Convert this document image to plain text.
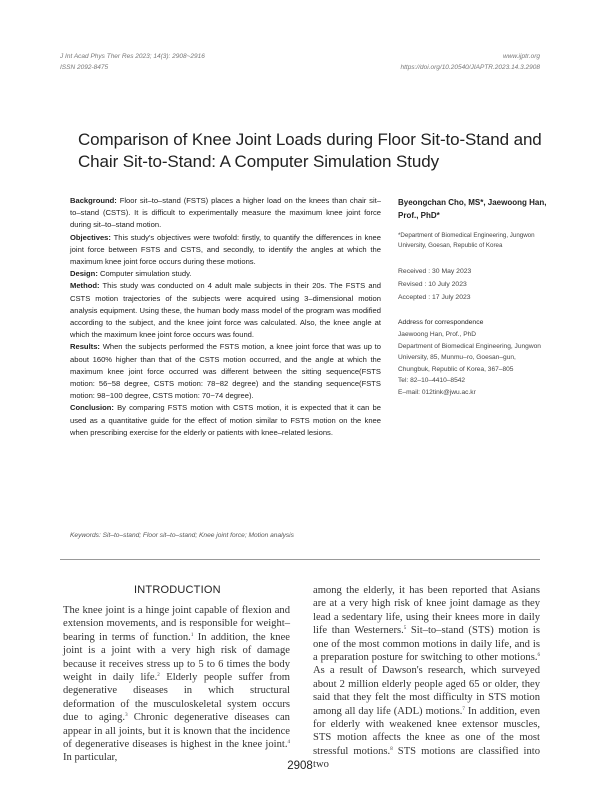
J Int Acad Phys Ther Res 2023; 14(3): 2908~2916
ISSN 2092-8475
www.ijptr.org
https://doi.org/10.20540/JIAPTR.2023.14.3.2908
Comparison of Knee Joint Loads during Floor Sit-to-Stand and Chair Sit-to-Stand: A Computer Simulation Study

Background: Floor sit–to–stand (FSTS) places a higher load on the knees than chair sit–to–stand (CSTS). It is difficult to experimentally measure the maximum knee joint force during sit–to–stand motion.

Objectives: This study's objectives were twofold: firstly, to quantify the differences in knee joint force between FSTS and CSTS, and secondly, to identify the angles at which the maximum knee joint force occurs during these motions.

Design: Computer simulation study.

Method: This study was conducted on 4 adult male subjects in their 20s. The FSTS and CSTS motion trajectories of the subjects were acquired using 3–dimensional motion analysis equipment. Using these, the human body mass model of the program was modified according to the subject, and the knee joint force was calculated. Also, the knee angle at which the maximum knee joint force occurs was found.

Results: When the subjects performed the FSTS motion, a knee joint force that was up to about 160% higher than that of the CSTS motion occurred, and the angle at which the maximum knee joint force occurred was different between the sitting sequence(FSTS motion: 56~58 degree, CSTS motion: 78~82 degree) and the standing sequence(FSTS motion: 98~100 degree, CSTS motion: 70~74 degree).

Conclusion: By comparing FSTS motion with CSTS motion, it is expected that it can be used as a quantitative guide for the effect of motion similar to FSTS motion on the knee when prescribing exercise for the elderly or patients with knee–related lesions.

Byeongchan Cho, MS*, Jaewoong Han, Prof., PhD*
*Department of Biomedical Engineering, Jungwon University, Goesan, Republic of Korea
Received : 30 May 2023
Revised : 10 July 2023
Accepted : 17 July 2023
Address for correspondence
Jaewoong Han, Prof., PhD
Department of Biomedical Engineering, Jungwon University, 85, Munmu–ro, Goesan–gun, Chungbuk, Republic of Korea, 367–805
Tel: 82–10–4410–8542
E–mail: 012tink@jwu.ac.kr
Keywords: Sit–to–stand; Floor sit–to–stand; Knee joint force; Motion analysis
INTRODUCTION

The knee joint is a hinge joint capable of flexion and extension movements, and is responsible for weight–bearing in terms of function.$^1$ In addition, the knee joint is a joint with a very high risk of damage because it receives stress up to 5 to 6 times the body weight in daily life.$^2$ Elderly people suffer from degenerative diseases in which structural deformation of the musculoskeletal system occurs due to aging.$^3$ Chronic degenerative diseases can appear in all joints, but it is known that the incidence of degenerative diseases is highest in the knee joint.$^4$ In particular,

among the elderly, it has been reported that Asians are at a very high risk of knee joint damage as they lead a sedentary life, using their knees more in daily life than Westerners.$^5$ Sit–to–stand (STS) motion is one of the most common motions in daily life, and is a preparation posture for switching to other motions.$^6$ As a result of Dawson's research, which surveyed about 2 million elderly people aged 65 or older, they said that they felt the most difficulty in STS motion among all day life (ADL) motions.$^7$ In addition, even for elderly with weakened knee extensor muscles, STS motion affects the knee as one of the most stressful motions.$^8$ STS motions are classified into two

2908
